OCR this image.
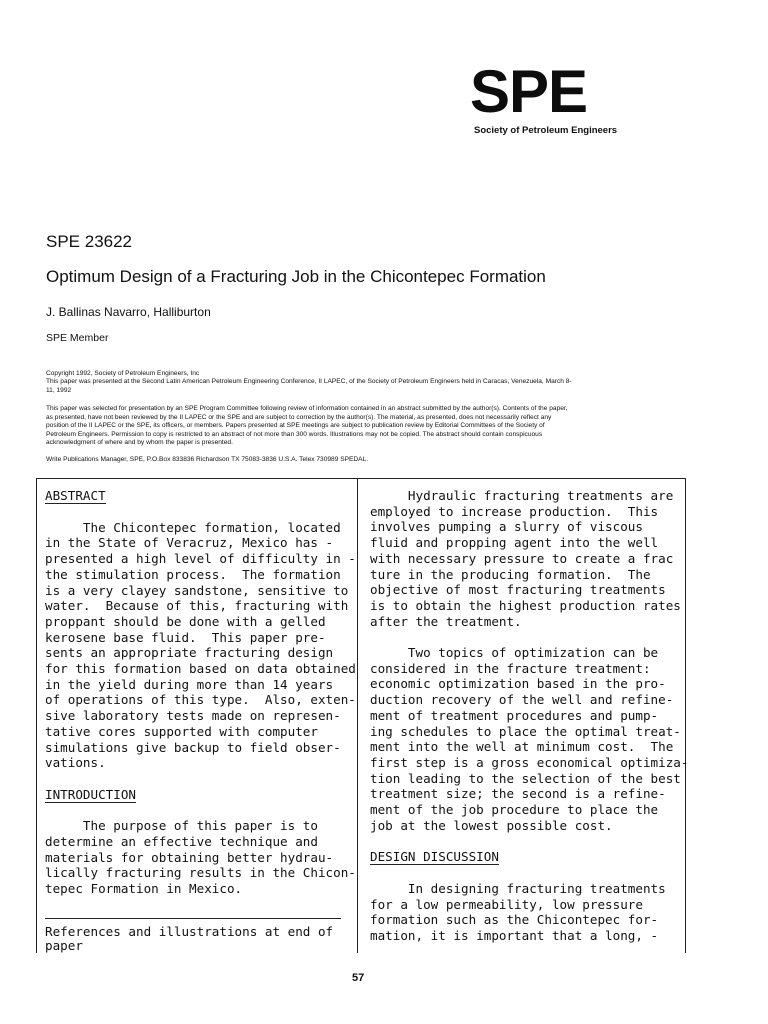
SPE
Society of Petroleum Engineers
SPE 23622
Optimum Design of a Fracturing Job in the Chicontepec Formation
J. Ballinas Navarro, Halliburton
SPE Member
Copyright 1992, Society of Petroleum Engineers, Inc
This paper was presented at the Second Latin American Petroleum Engineering Conference, II LAPEC, of the Society of Petroleum Engineers held in Caracas, Venezuela, March 8-
11, 1992
This paper was selected for presentation by an SPE Program Committee following review of information contained in an abstract submitted by the author(s). Contents of the paper,
as presented, have not been reviewed by the II LAPEC or the SPE and are subject to correction by the author(s). The material, as presented, does not necessarily reflect any
position of the II LAPEC or the SPE, its officers, or members. Papers presented at SPE meetings are subject to publication review by Editorial Committees of the Society of
Petroleum Engineers. Permission to copy is restricted to an abstract of not more than 300 words. Illustrations may not be copied. The abstract should contain conspicuous
acknowledgment of where and by whom the paper is presented.
Write Publications Manager, SPE, P.O.Box 833836 Richardson TX 75083-3836 U.S.A. Telex 730989 SPEDAL.
ABSTRACT

The Chicontepec formation, located
in the State of Veracruz, Mexico has -
presented a high level of difficulty in -
the stimulation process.  The formation
is a very clayey sandstone, sensitive to
water.  Because of this, fracturing with
proppant should be done with a gelled
kerosene base fluid.  This paper pre-
sents an appropriate fracturing design
for this formation based on data obtained
in the yield during more than 14 years
of operations of this type.  Also, exten-
sive laboratory tests made on represen-
tative cores supported with computer
simulations give backup to field obser-
vations.

INTRODUCTION

The purpose of this paper is to
determine an effective technique and
materials for obtaining better hydrau-
lically fracturing results in the Chicon-
tepec Formation in Mexico.
References and illustrations at end of
paper
Hydraulic fracturing treatments are
employed to increase production.  This
involves pumping a slurry of viscous
fluid and propping agent into the well
with necessary pressure to create a frac
ture in the producing formation.  The
objective of most fracturing treatments
is to obtain the highest production rates
after the treatment.

Two topics of optimization can be
considered in the fracture treatment:
economic optimization based in the pro-
duction recovery of the well and refine-
ment of treatment procedures and pump-
ing schedules to place the optimal treat-
ment into the well at minimum cost.  The
first step is a gross economical optimiza-
tion leading to the selection of the best
treatment size; the second is a refine-
ment of the job procedure to place the
job at the lowest possible cost.

DESIGN DISCUSSION

In designing fracturing treatments
for a low permeability, low pressure
formation such as the Chicontepec for-
mation, it is important that a long, -
57
